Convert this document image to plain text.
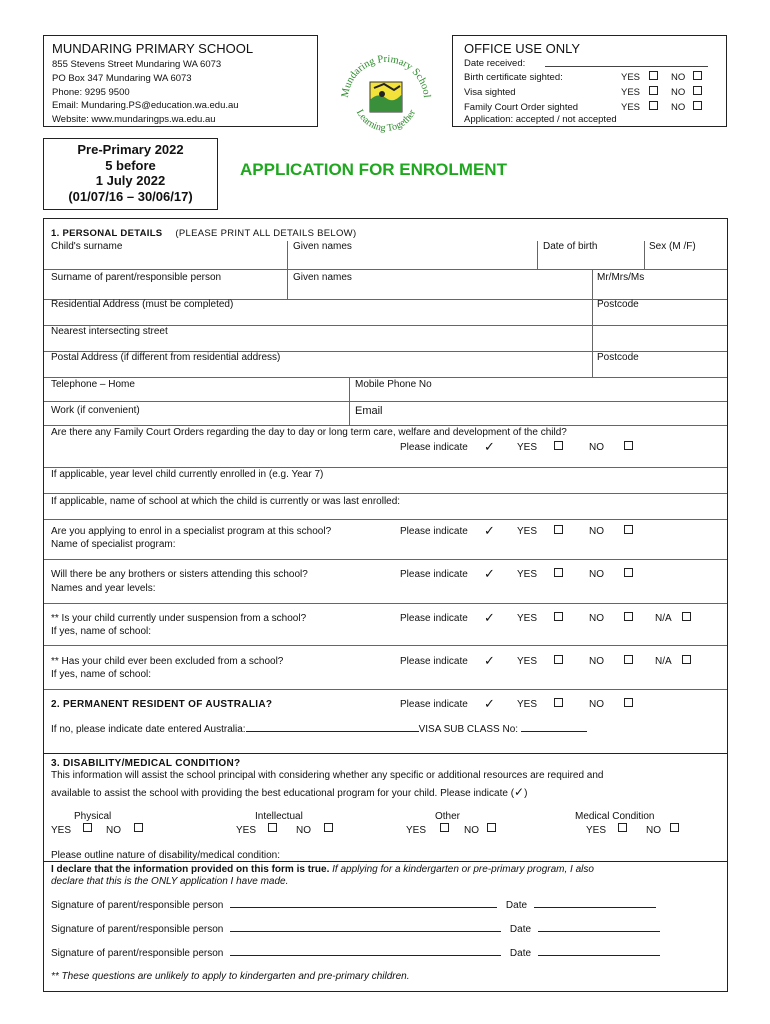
MUNDARING PRIMARY SCHOOL
855 Stevens Street Mundaring WA 6073
PO Box 347 Mundaring WA 6073
Phone: 9295 9500
Email: Mundaring.PS@education.wa.edu.au
Website: www.mundaringps.wa.edu.au
Mundaring Primary School
Learning Together
OFFICE USE ONLY
Date received:
Birth certificate sighted:	YES	NO
Visa sighted	YES	NO
Family Court Order sighted	YES	NO
Application: accepted / not accepted
Pre-Primary 2022
5 before
1 July 2022
(01/07/16 – 30/06/17)
APPLICATION FOR ENROLMENT
1. PERSONAL DETAILS (PLEASE PRINT ALL DETAILS BELOW)
Child's surname	Given names	Date of birth	Sex (M /F)
Surname of parent/responsible person	Given names	Mr/Mrs/Ms
Residential Address (must be completed)	Postcode
Nearest intersecting street
Postal Address (if different from residential address)	Postcode
Telephone – Home	Mobile Phone No
Work (if convenient)	Email
Are there any Family Court Orders regarding the day to day or long term care, welfare and development of the child?
Please indicate ✓ YES	NO
If applicable, year level child currently enrolled in (e.g. Year 7)
If applicable, name of school at which the child is currently or was last enrolled:
Are you applying to enrol in a specialist program at this school?
Name of specialist program:
Please indicate ✓ YES	NO
Will there be any brothers or sisters attending this school?
Names and year levels:
Please indicate ✓ YES	NO
** Is your child currently under suspension from a school?
If yes, name of school:
Please indicate ✓ YES	NO	N/A
** Has your child ever been excluded from a school?
If yes, name of school:
Please indicate ✓ YES	NO	N/A
2. PERMANENT RESIDENT OF AUSTRALIA?	Please indicate ✓ YES	NO
If no, please indicate date entered Australia:	VISA SUB CLASS No:
3. DISABILITY/MEDICAL CONDITION?
This information will assist the school principal with considering whether any specific or additional resources are required and
available to assist the school with providing the best educational program for your child. Please indicate (✓)
Physical
YES	NO
Intellectual
YES	NO
Other
YES	NO
Medical Condition
YES	NO
Please outline nature of disability/medical condition:
I declare that the information provided on this form is true. If applying for a kindergarten or pre-primary program, I also
declare that this is the ONLY application I have made.
Signature of parent/responsible person	Date
Signature of parent/responsible person	Date
Signature of parent/responsible person	Date
** These questions are unlikely to apply to kindergarten and pre-primary children.
